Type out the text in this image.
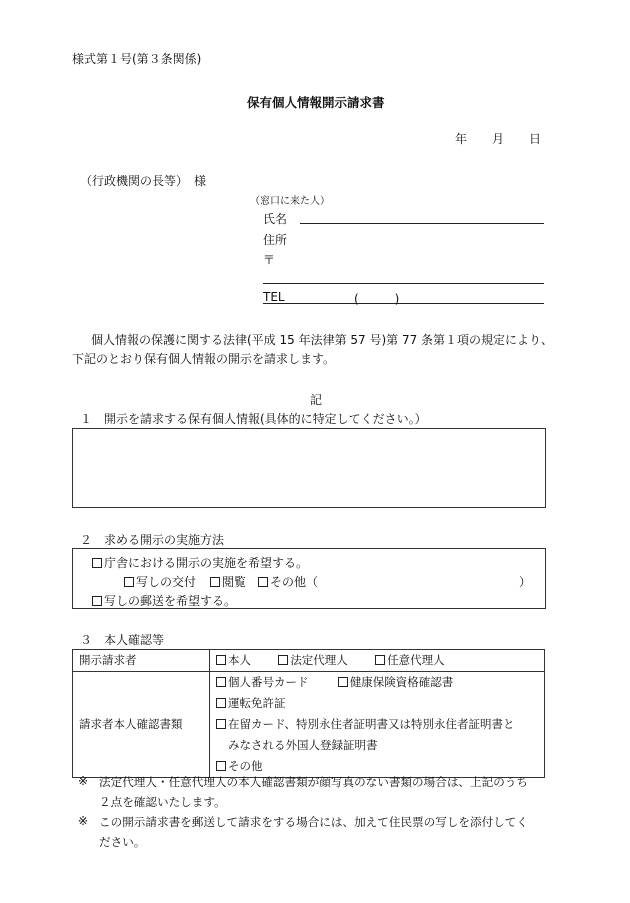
様式第１号(第３条関係)
保有個人情報開示請求書
年 月 日
（行政機関の長等）　様
（窓口に来た人）
氏名
住所
〒
TEL	(　　　)
個人情報の保護に関する法律(平成 15 年法律第 57 号)第 77 条第１項の規定により、
下記のとおり保有個人情報の開示を請求します。
記
１　開示を請求する保有個人情報(具体的に特定してください。）
２　求める開示の実施方法
庁舎における開示の実施を希望する。
写しの交付	閲覧	その他（	）
写しの郵送を希望する。
３　本人確認等
開示請求者	本人 法定代理人 任意代理人

請求者本人確認書類	個人番号カード 健康保険資格確認書
運転免許証
在留カード、特別永住者証明書又は特別永住者証明書と
みなされる外国人登録証明書
その他
※ 法定代理人・任意代理人の本人確認書類が顔写真のない書類の場合は、上記のうち
２点を確認いたします。
※ この開示請求書を郵送して請求をする場合には、加えて住民票の写しを添付してく
ださい。
